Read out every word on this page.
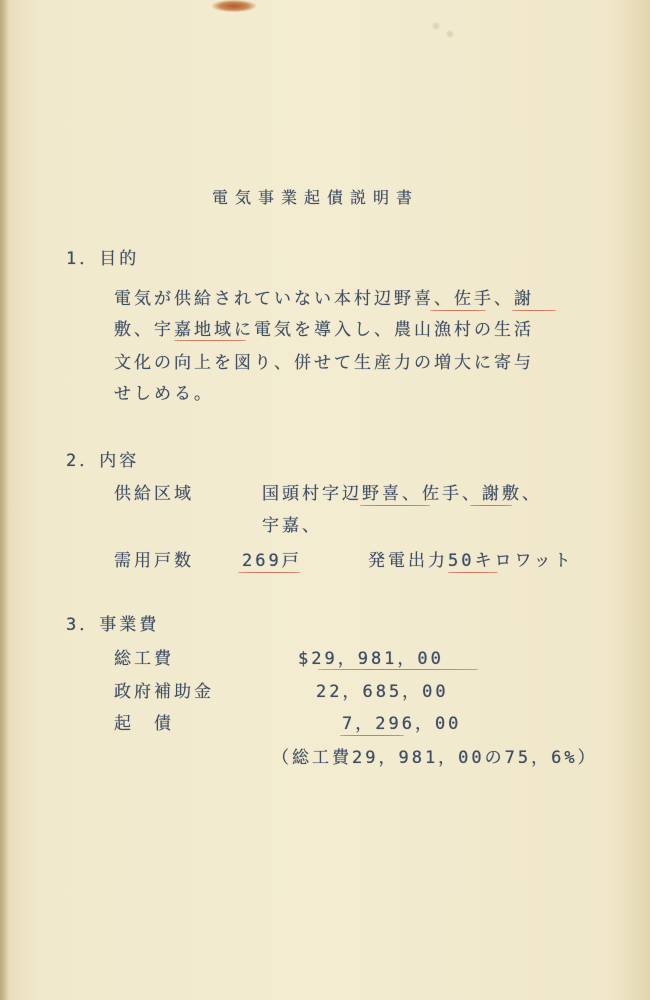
電気事業起債説明書

1．目的

電気が供給されていない本村辺野喜、佐手、謝

敷、宇嘉地域に電気を導入し、農山漁村の生活

文化の向上を図り、併せて生産力の増大に寄与

せしめる。

2．内容

供給区域	国頭村字辺野喜、佐手、謝敷、

宇嘉、

需用戸数	269戸	発電出力50キロワット

3．事業費

総工費	$29，981，00

政府補助金	22，685，00

起　債	7，296，00

（総工費29，981，00の75，6%）
